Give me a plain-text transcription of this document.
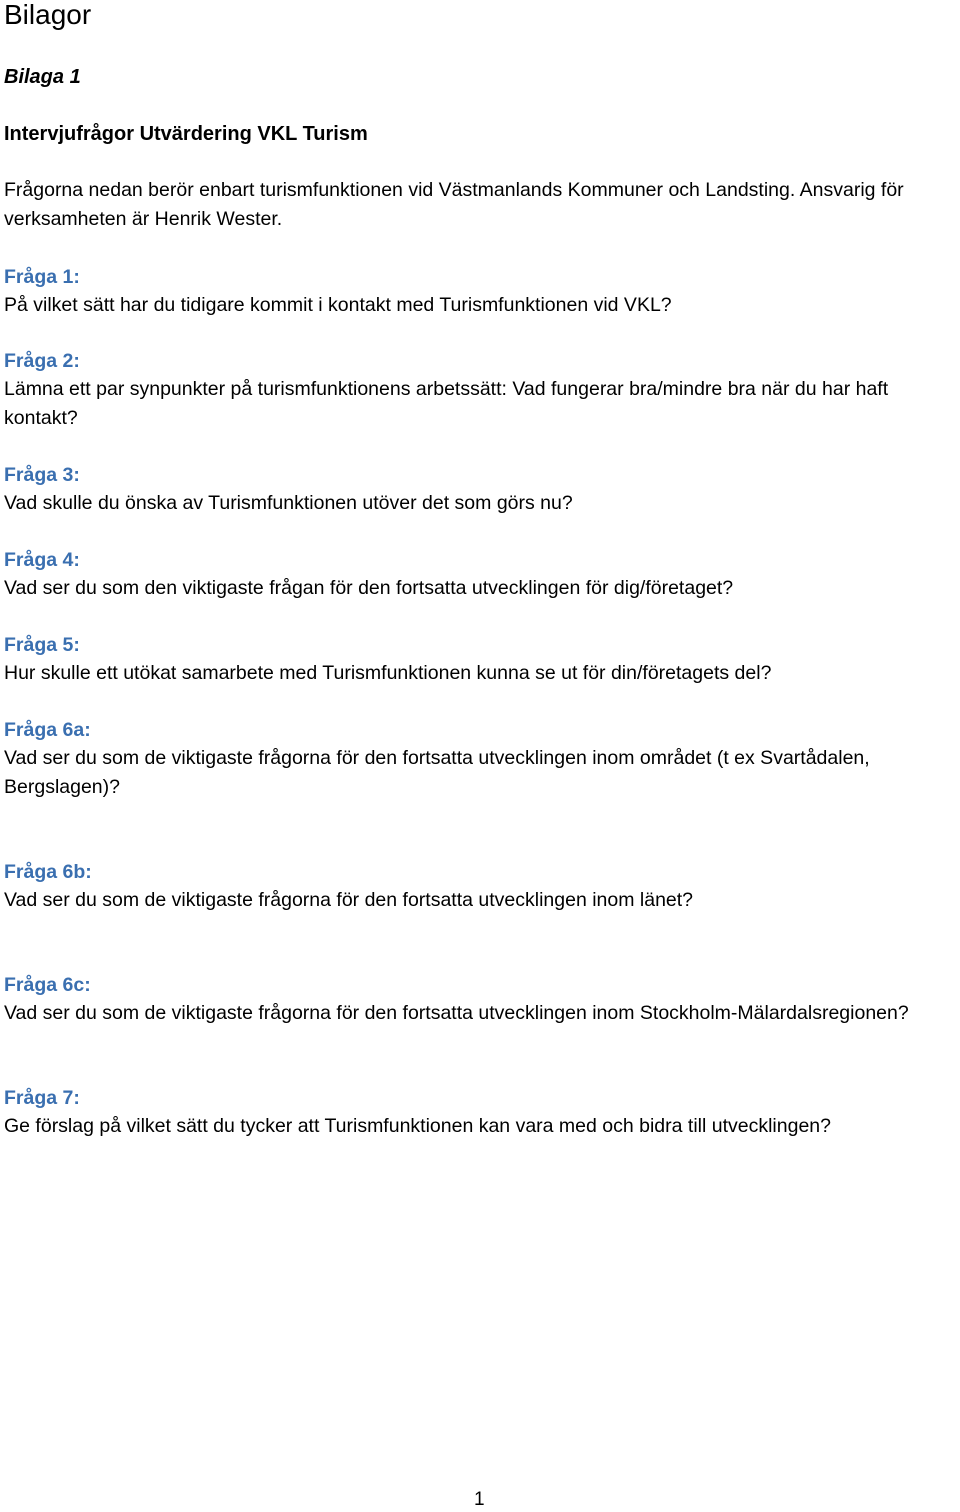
Bilagor
Bilaga 1
Intervjufrågor Utvärdering VKL Turism

Frågorna nedan berör enbart turismfunktionen vid Västmanlands Kommuner och Landsting. Ansvarig för verksamheten är Henrik Wester.

Fråga 1:
På vilket sätt har du tidigare kommit i kontakt med Turismfunktionen vid VKL?
Fråga 2:
Lämna ett par synpunkter på turismfunktionens arbetssätt: Vad fungerar bra/mindre bra när du har haft kontakt?
Fråga 3:
Vad skulle du önska av Turismfunktionen utöver det som görs nu?
Fråga 4:
Vad ser du som den viktigaste frågan för den fortsatta utvecklingen för dig/företaget?
Fråga 5:
Hur skulle ett utökat samarbete med Turismfunktionen kunna se ut för din/företagets del?
Fråga 6a:
Vad ser du som de viktigaste frågorna för den fortsatta utvecklingen inom området (t ex Svartådalen, Bergslagen)?
Fråga 6b:
Vad ser du som de viktigaste frågorna för den fortsatta utvecklingen inom länet?
Fråga 6c:
Vad ser du som de viktigaste frågorna för den fortsatta utvecklingen inom Stockholm-Mälardalsregionen?
Fråga 7:
Ge förslag på vilket sätt du tycker att Turismfunktionen kan vara med och bidra till utvecklingen?

1
